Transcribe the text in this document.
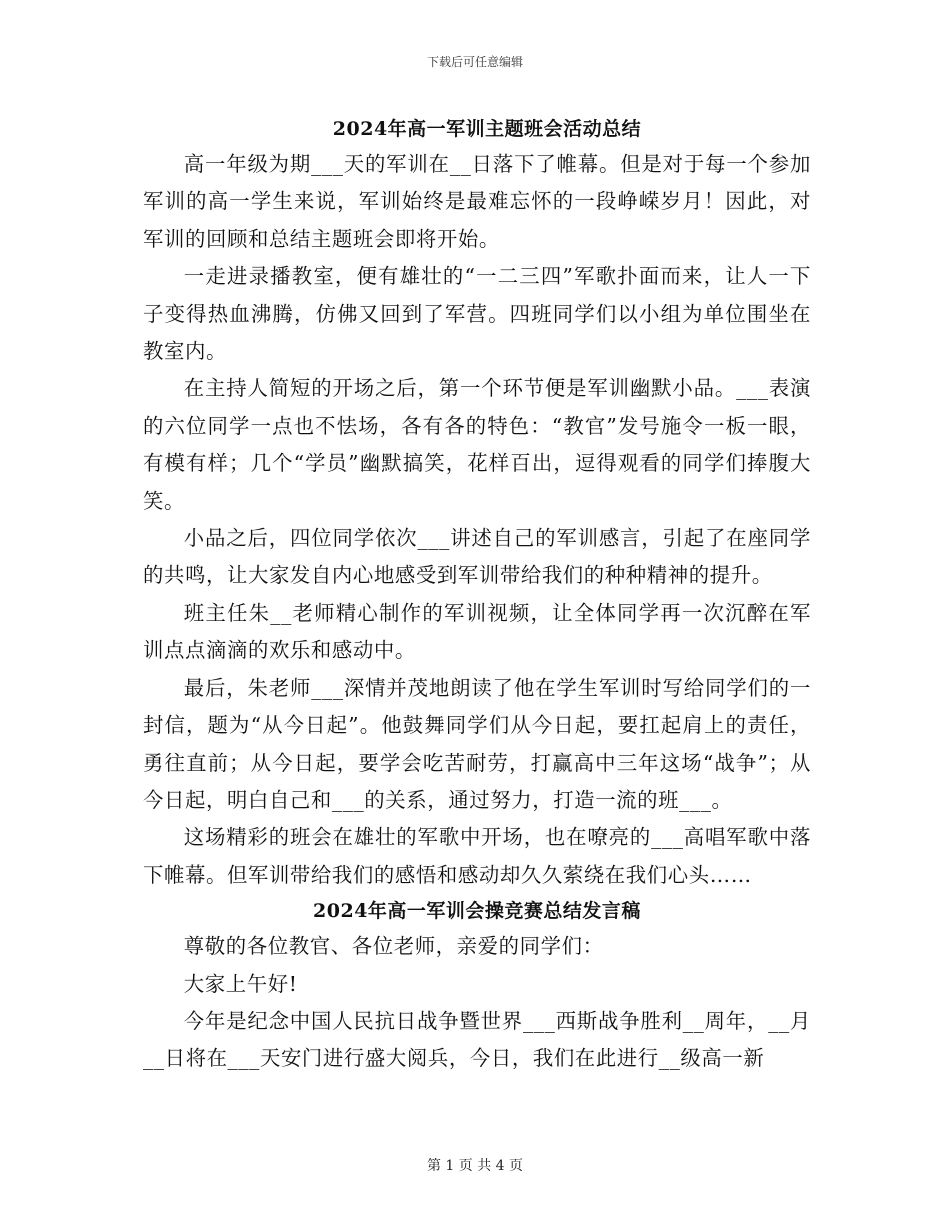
下载后可任意编辑
2024年高一军训主题班会活动总结

高一年级为期___天的军训在__日落下了帷幕。但是对于每一个参加军训的高一学生来说，军训始终是最难忘怀的一段峥嵘岁月！因此，对军训的回顾和总结主题班会即将开始。

一走进录播教室，便有雄壮的“一二三四”军歌扑面而来，让人一下子变得热血沸腾，仿佛又回到了军营。四班同学们以小组为单位围坐在教室内。

在主持人简短的开场之后，第一个环节便是军训幽默小品。___表演的六位同学一点也不怯场，各有各的特色：“教官”发号施令一板一眼，有模有样；几个“学员”幽默搞笑，花样百出，逗得观看的同学们捧腹大笑。

小品之后，四位同学依次___讲述自己的军训感言，引起了在座同学的共鸣，让大家发自内心地感受到军训带给我们的种种精神的提升。

班主任朱__老师精心制作的军训视频，让全体同学再一次沉醉在军训点点滴滴的欢乐和感动中。

最后，朱老师___深情并茂地朗读了他在学生军训时写给同学们的一封信，题为“从今日起”。他鼓舞同学们从今日起，要扛起肩上的责任，勇往直前；从今日起，要学会吃苦耐劳，打赢高中三年这场“战争”；从今日起，明白自己和___的关系，通过努力，打造一流的班___。

这场精彩的班会在雄壮的军歌中开场，也在嘹亮的___高唱军歌中落下帷幕。但军训带给我们的感悟和感动却久久萦绕在我们心头……

2024年高一军训会操竞赛总结发言稿

尊敬的各位教官、各位老师，亲爱的同学们：

大家上午好!

今年是纪念中国人民抗日战争暨世界___西斯战争胜利__周年，__月__日将在___天安门进行盛大阅兵，今日，我们在此进行__级高一新

第 1 页 共 4 页
